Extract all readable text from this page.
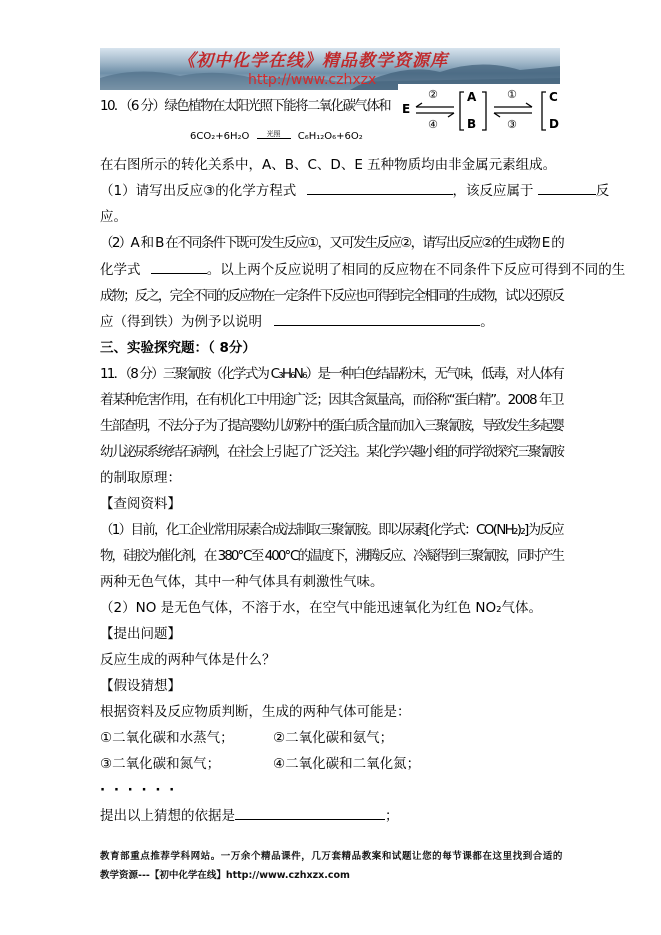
《初中化学在线》精品教学资源库
http://www.czhxzx
E
②
④
A
B
①
③
C
D
10．（6 分）绿色植物在太阳光照下能将二氧化碳气体和
6CO₂+6H₂O 光照 C₆H₁₂O₆+6O₂
在右图所示的转化关系中，A、B、C、D、E 五种物质均由非金属元素组成。
（1）请写出反应③的化学方程式	，该反应属于	反
应。
（2）A 和 B 在不同条件下既可发生反应①，又可发生反应②，请写出反应②的生成物 E 的
化学式	。以上两个反应说明了相同的反应物在不同条件下反应可得到不同的生
成物；反之，完全不同的反应物在一定条件下反应也可得到完全相同的生成物，试以还原反
应（得到铁）为例予以说明	。
三、实验探究题：（ 8分）
11．（8 分）三聚氰胺（化学式为 C₃H₆N₆）是一种白色结晶粉末，无气味，低毒，对人体有
着某种危害作用，在有机化工中用途广泛；因其含氮量高，而俗称“蛋白精”。2008 年卫
生部查明，不法分子为了提高婴幼儿奶粉中的蛋白质含量而加入三聚氰胺，导致发生多起婴
幼儿泌尿系统结石病例，在社会上引起了广泛关注。某化学兴趣小组的同学欲探究三聚氰胺
的制取原理：
【查阅资料】
（1）目前，化工企业常用尿素合成法制取三聚氰胺。即以尿素[化学式：CO(NH₂)₂]为反应
物，硅胶为催化剂，在 380℃至 400℃的温度下，沸腾反应、冷凝得到三聚氰胺，同时产生
两种无色气体，其中一种气体具有刺激性气味。
（2）NO 是无色气体，不溶于水，在空气中能迅速氧化为红色 NO₂气体。
【提出问题】
反应生成的两种气体是什么？
【假设猜想】
根据资料及反应物质判断，生成的两种气体可能是：
①二氧化碳和水蒸气；	②二氧化碳和氨气；
③二氧化碳和氮气；	④二氧化碳和二氧化氮；
· · · · · ·
提出以上猜想的依据是	；
教育部重点推荐学科网站。一万余个精品课件，几万套精品教案和试题让您的每节课都在这里找到合适的
教学资源---【初中化学在线】http://www.czhxzx.com
